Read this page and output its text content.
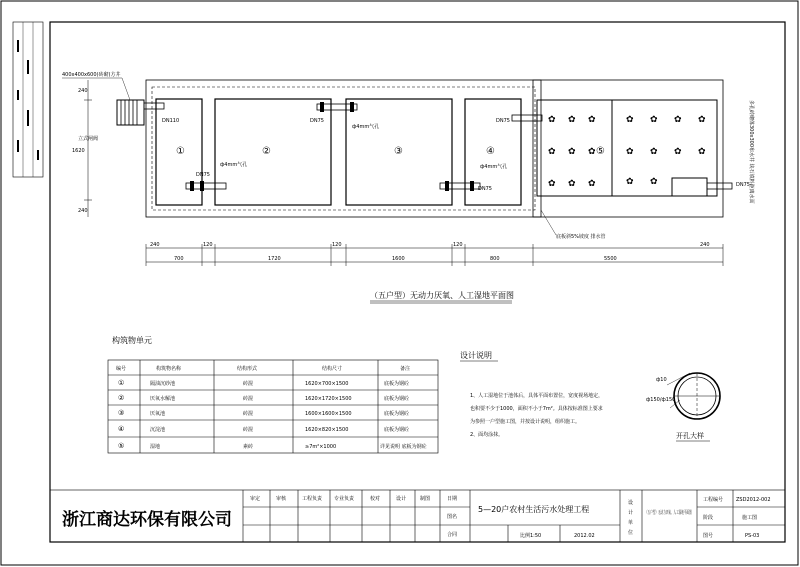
✿ ✿ ✿
✿ ✿ ✿
✿ ✿ ✿
✿ ✿ ✿ ✿
✿ ✿ ✿ ✿
✿ ✿
400x400x600(砖砌)方井
立式闸阀
DN110
DN75
DN75	DN75
DN75
DN75
ф4mm气孔
ф4mm气孔
ф4mm气孔
底板斜5%坡度 排水管
多孔砖砌体300x300布水井 块石填料距离水面
①	②	③	④	⑤
240
1620
240
240	120	120	120	240
700	1720	1600	800	5500
（五户型）无动力厌氧、人工湿地平面图
构筑物单元
编号	构筑物名称	结构形式	结构尺寸	备注
①	隔油沉砂池	砖混	1620×700×1500	底板为钢砼
②	厌氧水解池	砖混	1620×1720×1500	底板为钢砼
③	厌氧池	砖混	1600×1600×1500	底板为钢砼
④	沉淀池	砖混	1620×820×1500	底板为钢砼
⑤	湿地	素砖	≥7m²×1000	详见说明 底板为钢砼
设计说明
1、人工湿地位于池体后，具体平面布置位，宽度视场地定，
也积要不少于1000，面积不小于7m²。具体按标准图上要求
为参照一户型施工图，并按设计说明，组织施工。
2、面均涂抹。
ф10
ф150/ф150
开孔大样
浙江商达环保有限公司
审定	审核	工程负责 专业负责	校对	设计	制图	日期
图名
合同
5—20户农村生活污水处理工程
比例1:50	2012.02
设
计
单
位
（五户型）无动力厌氧、人工湿地平面图
工程编号	ZSD2012-002
阶段	施工图
图号	PS-03
